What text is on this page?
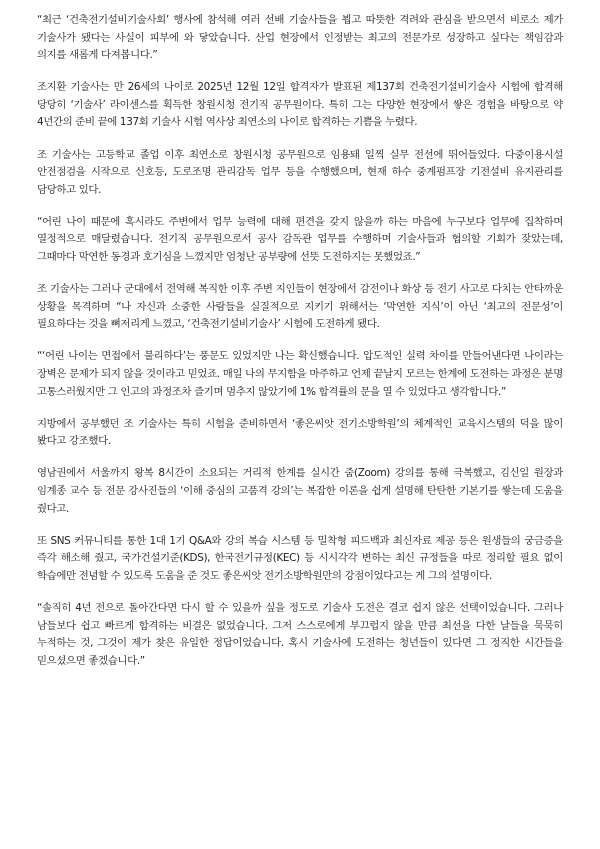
“최근 ‘건축전기설비기술사회’ 행사에 참석해 여러 선배 기술사들을 뵙고 따뜻한 격려와 관심을 받으면서 비로소 제가 기술사가 됐다는 사실이 피부에 와 닿았습니다. 산업 현장에서 인정받는 최고의 전문가로 성장하고 싶다는 책임감과 의지를 새롭게 다져봅니다.”

조지환 기술사는 만 26세의 나이로 2025년 12월 12일 합격자가 발표된 제137회 건축전기설비기술사 시험에 합격해 당당히 ‘기술사’ 라이센스를 획득한 창원시청 전기직 공무원이다. 특히 그는 다양한 현장에서 쌓은 경험을 바탕으로 약 4년간의 준비 끝에 137회 기술사 시험 역사상 최연소의 나이로 합격하는 기쁨을 누렸다.

조 기술사는 고등학교 졸업 이후 최연소로 창원시청 공무원으로 임용돼 일찍 실무 전선에 뛰어들었다. 다중이용시설 안전점검을 시작으로 신호등, 도로조명 관리감독 업무 등을 수행했으며, 현재 하수 중계펌프장 기전설비 유지관리를 담당하고 있다.

“어린 나이 때문에 혹시라도 주변에서 업무 능력에 대해 편견을 갖지 않을까 하는 마음에 누구보다 업무에 집착하며 열정적으로 매달렸습니다. 전기직 공무원으로서 공사 감독관 업무를 수행하며 기술사들과 협의할 기회가 잦았는데, 그때마다 막연한 동경과 호기심을 느꼈지만 엄청난 공부량에 선뜻 도전하지는 못했었죠.”

조 기술사는 그러나 군대에서 전역해 복직한 이후 주변 지인들이 현장에서 감전이나 화상 등 전기 사고로 다치는 안타까운 상황을 목격하며 “나 자신과 소중한 사람들을 실질적으로 지키기 위해서는 ‘막연한 지식’이 아닌 ‘최고의 전문성’이 필요하다는 것을 뼈저리게 느꼈고, ‘건축전기설비기술사’ 시험에 도전하게 됐다.

“‘어린 나이는 면접에서 불리하다’는 풍문도 있었지만 나는 확신했습니다. 압도적인 실력 차이를 만들어낸다면 나이라는 장벽은 문제가 되지 않을 것이라고 믿었죠. 매일 나의 무지함을 마주하고 언제 끝날지 모르는 한계에 도전하는 과정은 분명 고통스러웠지만 그 인고의 과정조차 즐기며 멈추지 않았기에 1% 합격률의 문을 열 수 있었다고 생각합니다.”

지방에서 공부했던 조 기술사는 특히 시험을 준비하면서 ‘좋은씨앗 전기소방학원’의 체계적인 교육시스템의 덕을 많이 봤다고 강조했다.

영남권에서 서울까지 왕복 8시간이 소요되는 거리적 한계를 실시간 줌(Zoom) 강의를 통해 극복했고, 김신일 원장과 임계종 교수 등 전문 강사진들의 ‘이해 중심의 고품격 강의’는 복잡한 이론을 쉽게 설명해 탄탄한 기본기를 쌓는데 도움을 줬다고.

또 SNS 커뮤니티를 통한 1대 1기 Q&A와 강의 복습 시스템 등 밀착형 피드백과 최신자료 제공 등은 원생들의 궁금증을 즉각 해소해 줬고, 국가건설기준(KDS), 한국전기규정(KEC) 등 시시각각 변하는 최신 규정들을 따로 정리할 필요 없이 학습에만 전념할 수 있도록 도움을 준 것도 좋은씨앗 전기소방학원만의 강점이었다고는 게 그의 설명이다.

“솔직히 4년 전으로 돌아간다면 다시 할 수 있을까 싶을 정도로 기술사 도전은 결코 쉽지 않은 선택이었습니다. 그러나 남들보다 쉽고 빠르게 합격하는 비결은 없었습니다. 그저 스스로에게 부끄럽지 않을 만큼 최선을 다한 날들을 묵묵히 누적하는 것, 그것이 제가 찾은 유일한 정답이었습니다. 혹시 기술사에 도전하는 청년들이 있다면 그 정직한 시간들을 믿으셨으면 좋겠습니다.”
